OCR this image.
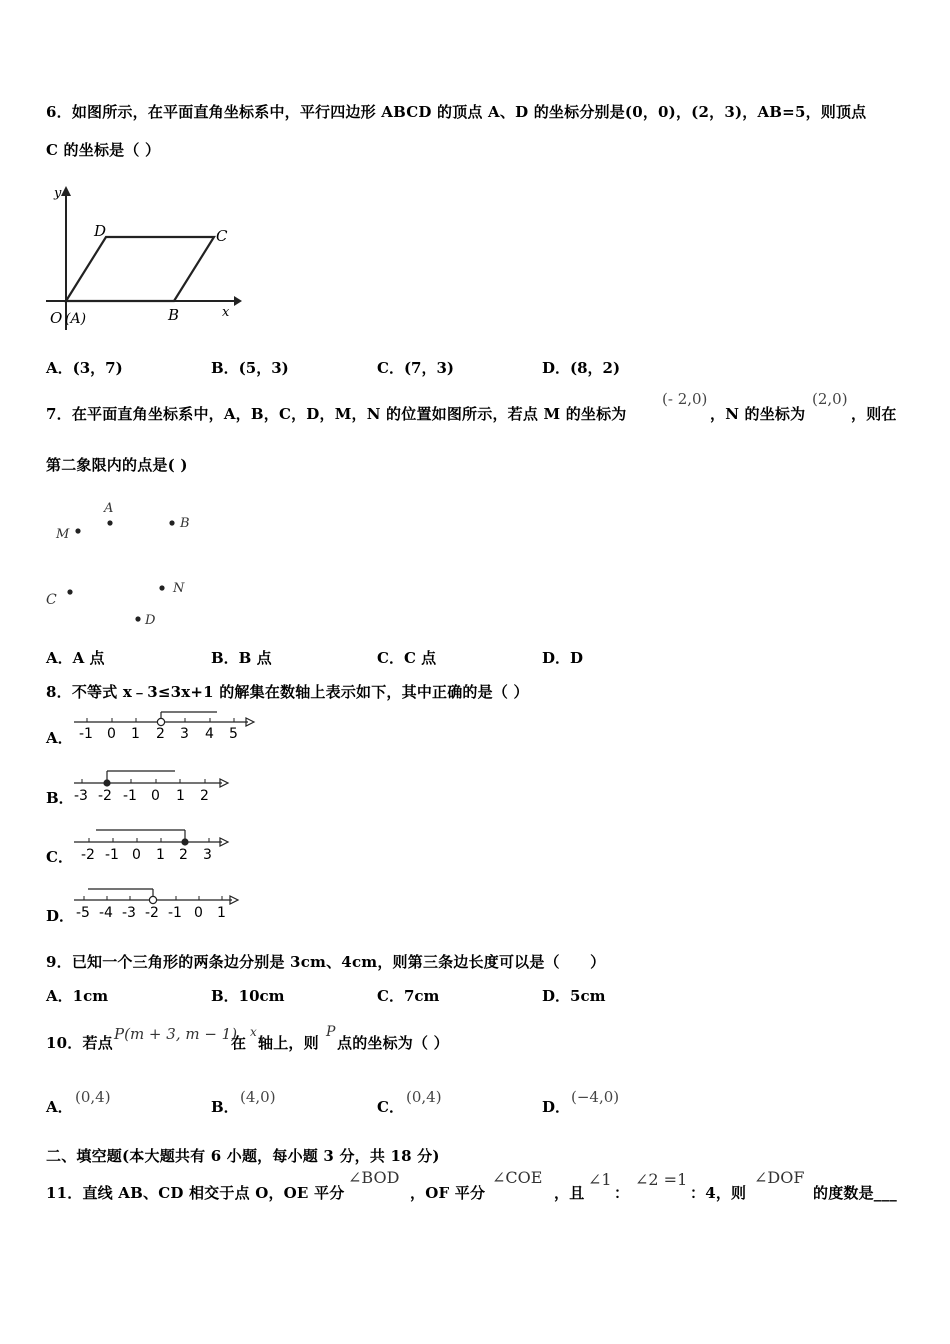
6．如图所示，在平面直角坐标系中，平行四边形 ABCD 的顶点 A、D 的坐标分别是(0，0)，(2，3)，AB=5，则顶点
C 的坐标是（ ）
y
D	C
O (A)	B	x
A．(3，7)	B．(5，3)	C．(7，3)	D．(8，2)
7．在平面直角坐标系中，A，B，C，D，M，N 的位置如图所示，若点 M 的坐标为
(- 2,0)
，N 的坐标为
(2,0)
，则在
第二象限内的点是( )
A
B
M
C
N
D
A．A 点	B．B 点	C．C 点	D．D
8．不等式 x﹣3≤3x+1 的解集在数轴上表示如下，其中正确的是（ ）
A． -1 0 1 2 3 4 5
B． -3 -2 -1 0 1 2
C． -2 -1 0 1 2 3
D． -5 -4 -3 -2 -1 0 1
9．已知一个三角形的两条边分别是 3cm、4cm，则第三条边长度可以是（　　）
A．1cm	B．10cm	C．7cm	D．5cm
10．若点 P(m + 3, m − 1)
在
x
轴上，则
P
点的坐标为（ ）
A．
(0,4)
B．
(4,0)
C．
(0,4)
D．
(−4,0)
二、填空题(本大题共有 6 小题，每小题 3 分，共 18 分)
11．直线 AB、CD 相交于点 O，OE 平分
∠BOD
，OF 平分
∠COE
，且
∠1
：
∠2 =1
：4，则
∠DOF
的度数是___
